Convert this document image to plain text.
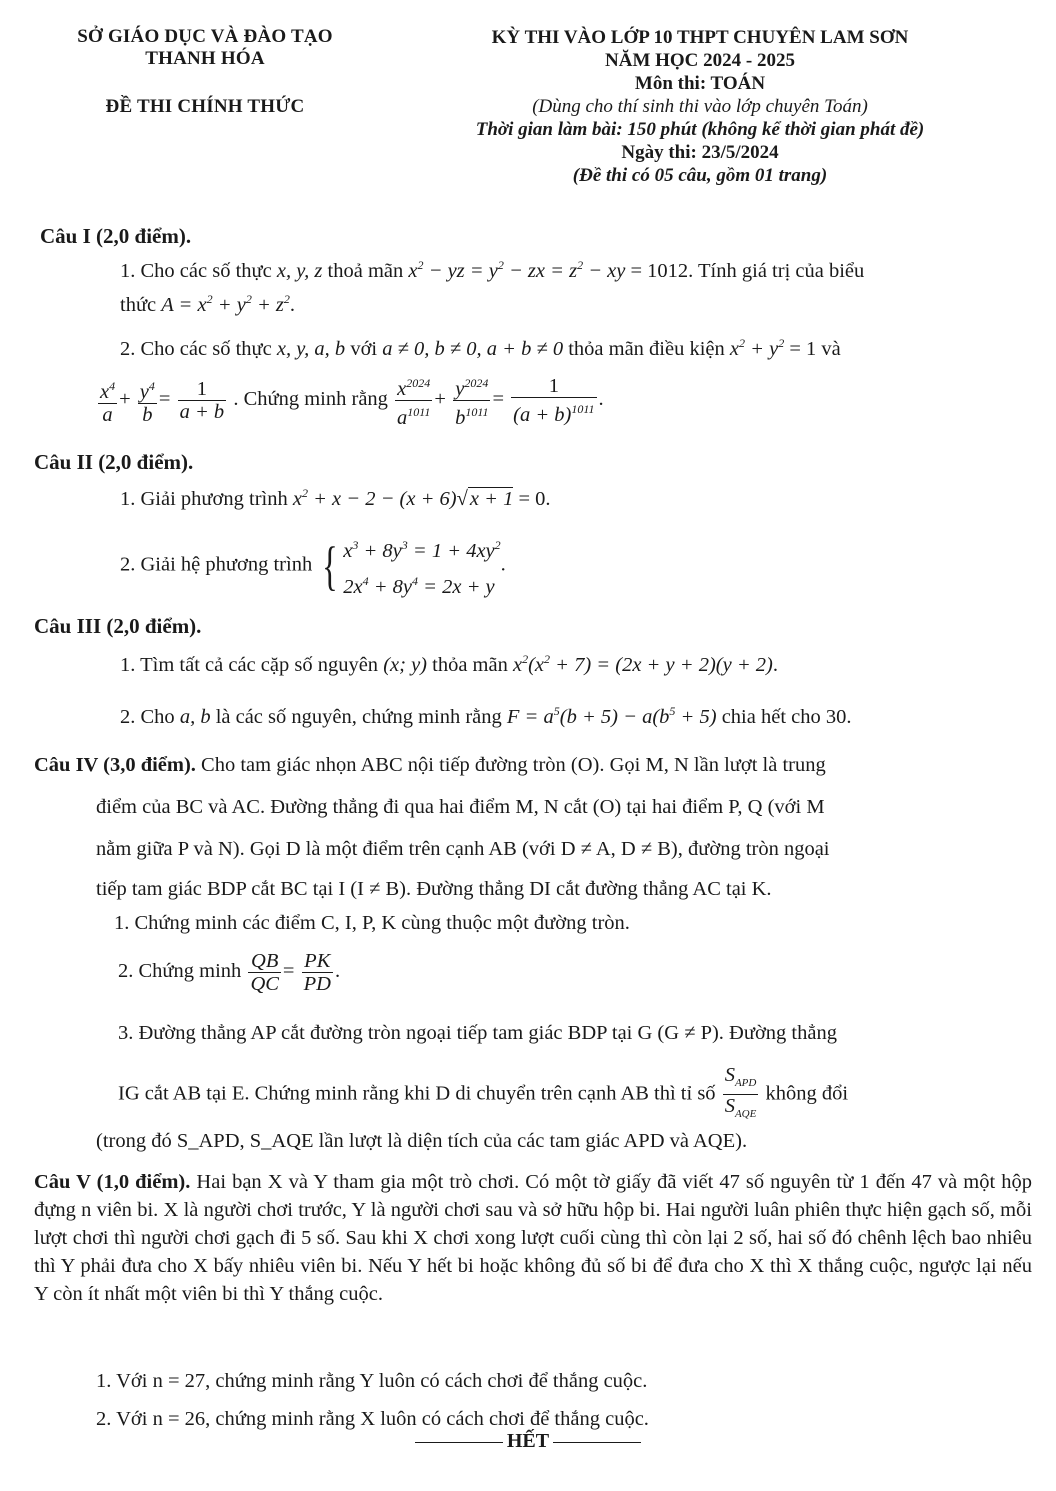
SỞ GIÁO DỤC VÀ ĐÀO TẠO
THANH HÓA
ĐỀ THI CHÍNH THỨC
KỲ THI VÀO LỚP 10 THPT CHUYÊN LAM SƠN
NĂM HỌC 2024 - 2025
Môn thi: TOÁN
(Dùng cho thí sinh thi vào lớp chuyên Toán)
Thời gian làm bài: 150 phút (không kể thời gian phát đề)
Ngày thi: 23/5/2024
(Đề thi có 05 câu, gồm 01 trang)
Câu I (2,0 điểm).
1. Cho các số thực x, y, z thoả mãn $x^2$ − yz = $y^2$ − zx = $z^2$ − xy = 1012. Tính giá trị của biểu
thức $A = x^2 + y^2 + z^2$.
2. Cho các số thực x, y, a, b với a ≠ 0, b ≠ 0, a + b ≠ 0 thỏa mãn điều kiện $x^2 + y^2 = 1$ và
$\frac{x^4}{a} + \frac{y^4}{b} = \frac{1}{a + b}$ . Chứng minh rằng $\frac{x^{2024}}{a^{1011}} + \frac{y^{2024}}{b^{1011}} = \frac{1}{(a + b)^{1011}}$ .
Câu II (2,0 điểm).
1. Giải phương trình $x^2 + x - 2 - (x + 6)√x + 1 = 0$.
2. Giải hệ phương trình { $x^3 + 8y^3 = 1 + 4xy^2$
$2x^4 + 8y^4 = 2x + y$
.
Câu III (2,0 điểm).
1. Tìm tất cả các cặp số nguyên (x; y) thỏa mãn $x^2(x^2 + 7) = (2x + y + 2)(y + 2)$.
2. Cho a, b là các số nguyên, chứng minh rằng $F = a^5(b + 5) - a(b^5 + 5)$ chia hết cho 30.
Câu IV (3,0 điểm). Cho tam giác nhọn ABC nội tiếp đường tròn (O). Gọi M, N lần lượt là trung
điểm của BC và AC. Đường thẳng đi qua hai điểm M, N cắt (O) tại hai điểm P, Q (với M
nằm giữa P và N). Gọi D là một điểm trên cạnh AB (với D ≠ A, D ≠ B), đường tròn ngoại
tiếp tam giác BDP cắt BC tại I (I ≠ B). Đường thẳng DI cắt đường thẳng AC tại K.
1. Chứng minh các điểm C, I, P, K cùng thuộc một đường tròn.
2. Chứng minh $\frac{QB}{QC} = \frac{PK}{PD}$ .
3. Đường thẳng AP cắt đường tròn ngoại tiếp tam giác BDP tại G (G ≠ P). Đường thẳng
IG cắt AB tại E. Chứng minh rằng khi D di chuyển trên cạnh AB thì tỉ số $\frac{S_{APD}}{S_{AQE}}$ không đổi
(trong đó S_APD, S_AQE lần lượt là diện tích của các tam giác APD và AQE).
Câu V (1,0 điểm). Hai bạn X và Y tham gia một trò chơi. Có một tờ giấy đã viết 47 số nguyên từ 1 đến 47 và một hộp đựng n viên bi. X là người chơi trước, Y là người chơi sau và sở hữu hộp bi. Hai người luân phiên thực hiện gạch số, mỗi lượt chơi thì người chơi gạch đi 5 số. Sau khi X chơi xong lượt cuối cùng thì còn lại 2 số, hai số đó chênh lệch bao nhiêu thì Y phải đưa cho X bấy nhiêu viên bi. Nếu Y hết bi hoặc không đủ số bi để đưa cho X thì X thắng cuộc, ngược lại nếu Y còn ít nhất một viên bi thì Y thắng cuộc.
1. Với n = 27, chứng minh rằng Y luôn có cách chơi để thắng cuộc.
2. Với n = 26, chứng minh rằng X luôn có cách chơi để thắng cuộc.
HẾT
